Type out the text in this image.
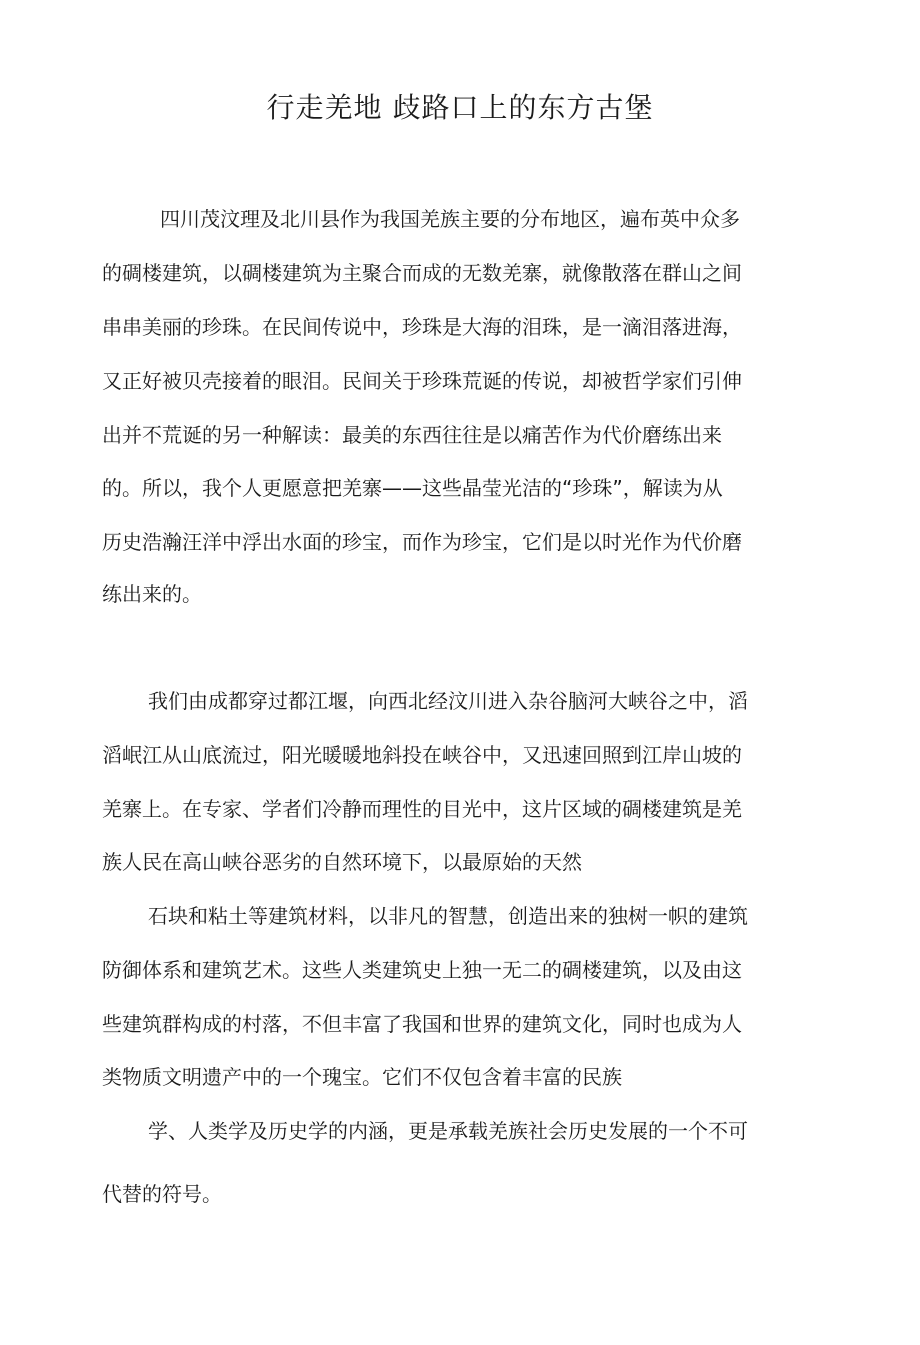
行走羌地 歧路口上的东方古堡
四川茂汶理及北川县作为我国羌族主要的分布地区，遍布英中众多
的碉楼建筑，以碉楼建筑为主聚合而成的无数羌寨，就像散落在群山之间
串串美丽的珍珠。在民间传说中，珍珠是大海的泪珠，是一滴泪落进海，
又正好被贝壳接着的眼泪。民间关于珍珠荒诞的传说，却被哲学家们引伸
出并不荒诞的另一种解读：最美的东西往往是以痛苦作为代价磨练出来
的。所以，我个人更愿意把羌寨——这些晶莹光洁的“珍珠”，解读为从
历史浩瀚汪洋中浮出水面的珍宝，而作为珍宝，它们是以时光作为代价磨
练出来的。
我们由成都穿过都江堰，向西北经汶川进入杂谷脑河大峡谷之中，滔
滔岷江从山底流过，阳光暖暖地斜投在峡谷中，又迅速回照到江岸山坡的
羌寨上。在专家、学者们冷静而理性的目光中，这片区域的碉楼建筑是羌
族人民在高山峡谷恶劣的自然环境下，以最原始的天然
石块和粘土等建筑材料，以非凡的智慧，创造出来的独树一帜的建筑
防御体系和建筑艺术。这些人类建筑史上独一无二的碉楼建筑，以及由这
些建筑群构成的村落，不但丰富了我国和世界的建筑文化，同时也成为人
类物质文明遗产中的一个瑰宝。它们不仅包含着丰富的民族
学、人类学及历史学的内涵，更是承载羌族社会历史发展的一个不可
代替的符号。
